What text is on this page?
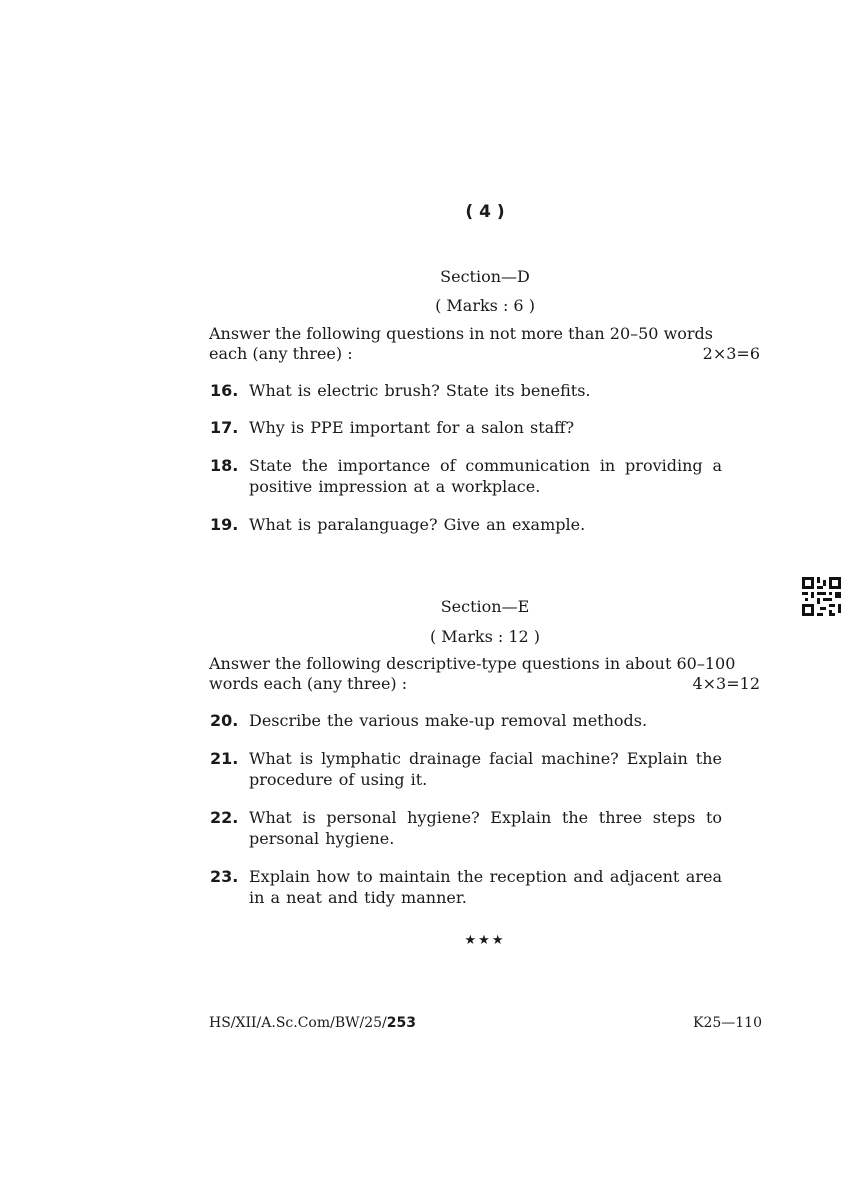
( 4 )
Section—D
( Marks : 6 )
Answer the following questions in not more than 20–50 words
each (any three) :	2×3=6
16. What is electric brush? State its benefits.
17. Why is PPE important for a salon staff?
18. State the importance of communication in providing a positive impression at a workplace.
19. What is paralanguage? Give an example.
Section—E
( Marks : 12 )
Answer the following descriptive-type questions in about 60–100
words each (any three) :	4×3=12
20. Describe the various make-up removal methods.
21. What is lymphatic drainage facial machine? Explain the procedure of using it.
22. What is personal hygiene? Explain the three steps to personal hygiene.
23. Explain how to maintain the reception and adjacent area in a neat and tidy manner.
★★★
HS/XII/A.Sc.Com/BW/25/253	K25—110
